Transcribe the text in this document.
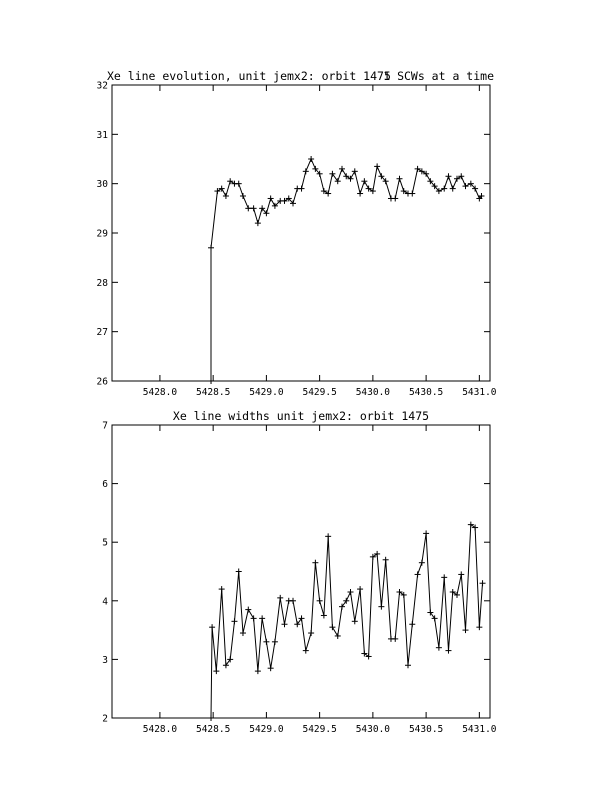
Xe line evolution, unit jemx2: orbit 1475
1 SCWs at a time
5428.0 5428.5 5429.0 5429.5 5430.0 5430.5 5431.0
26
27
28
29
30
31
32
Xe line widths unit jemx2: orbit 1475
5428.0 5428.5 5429.0 5429.5 5430.0 5430.5 5431.0
2
3
4
5
6
7
